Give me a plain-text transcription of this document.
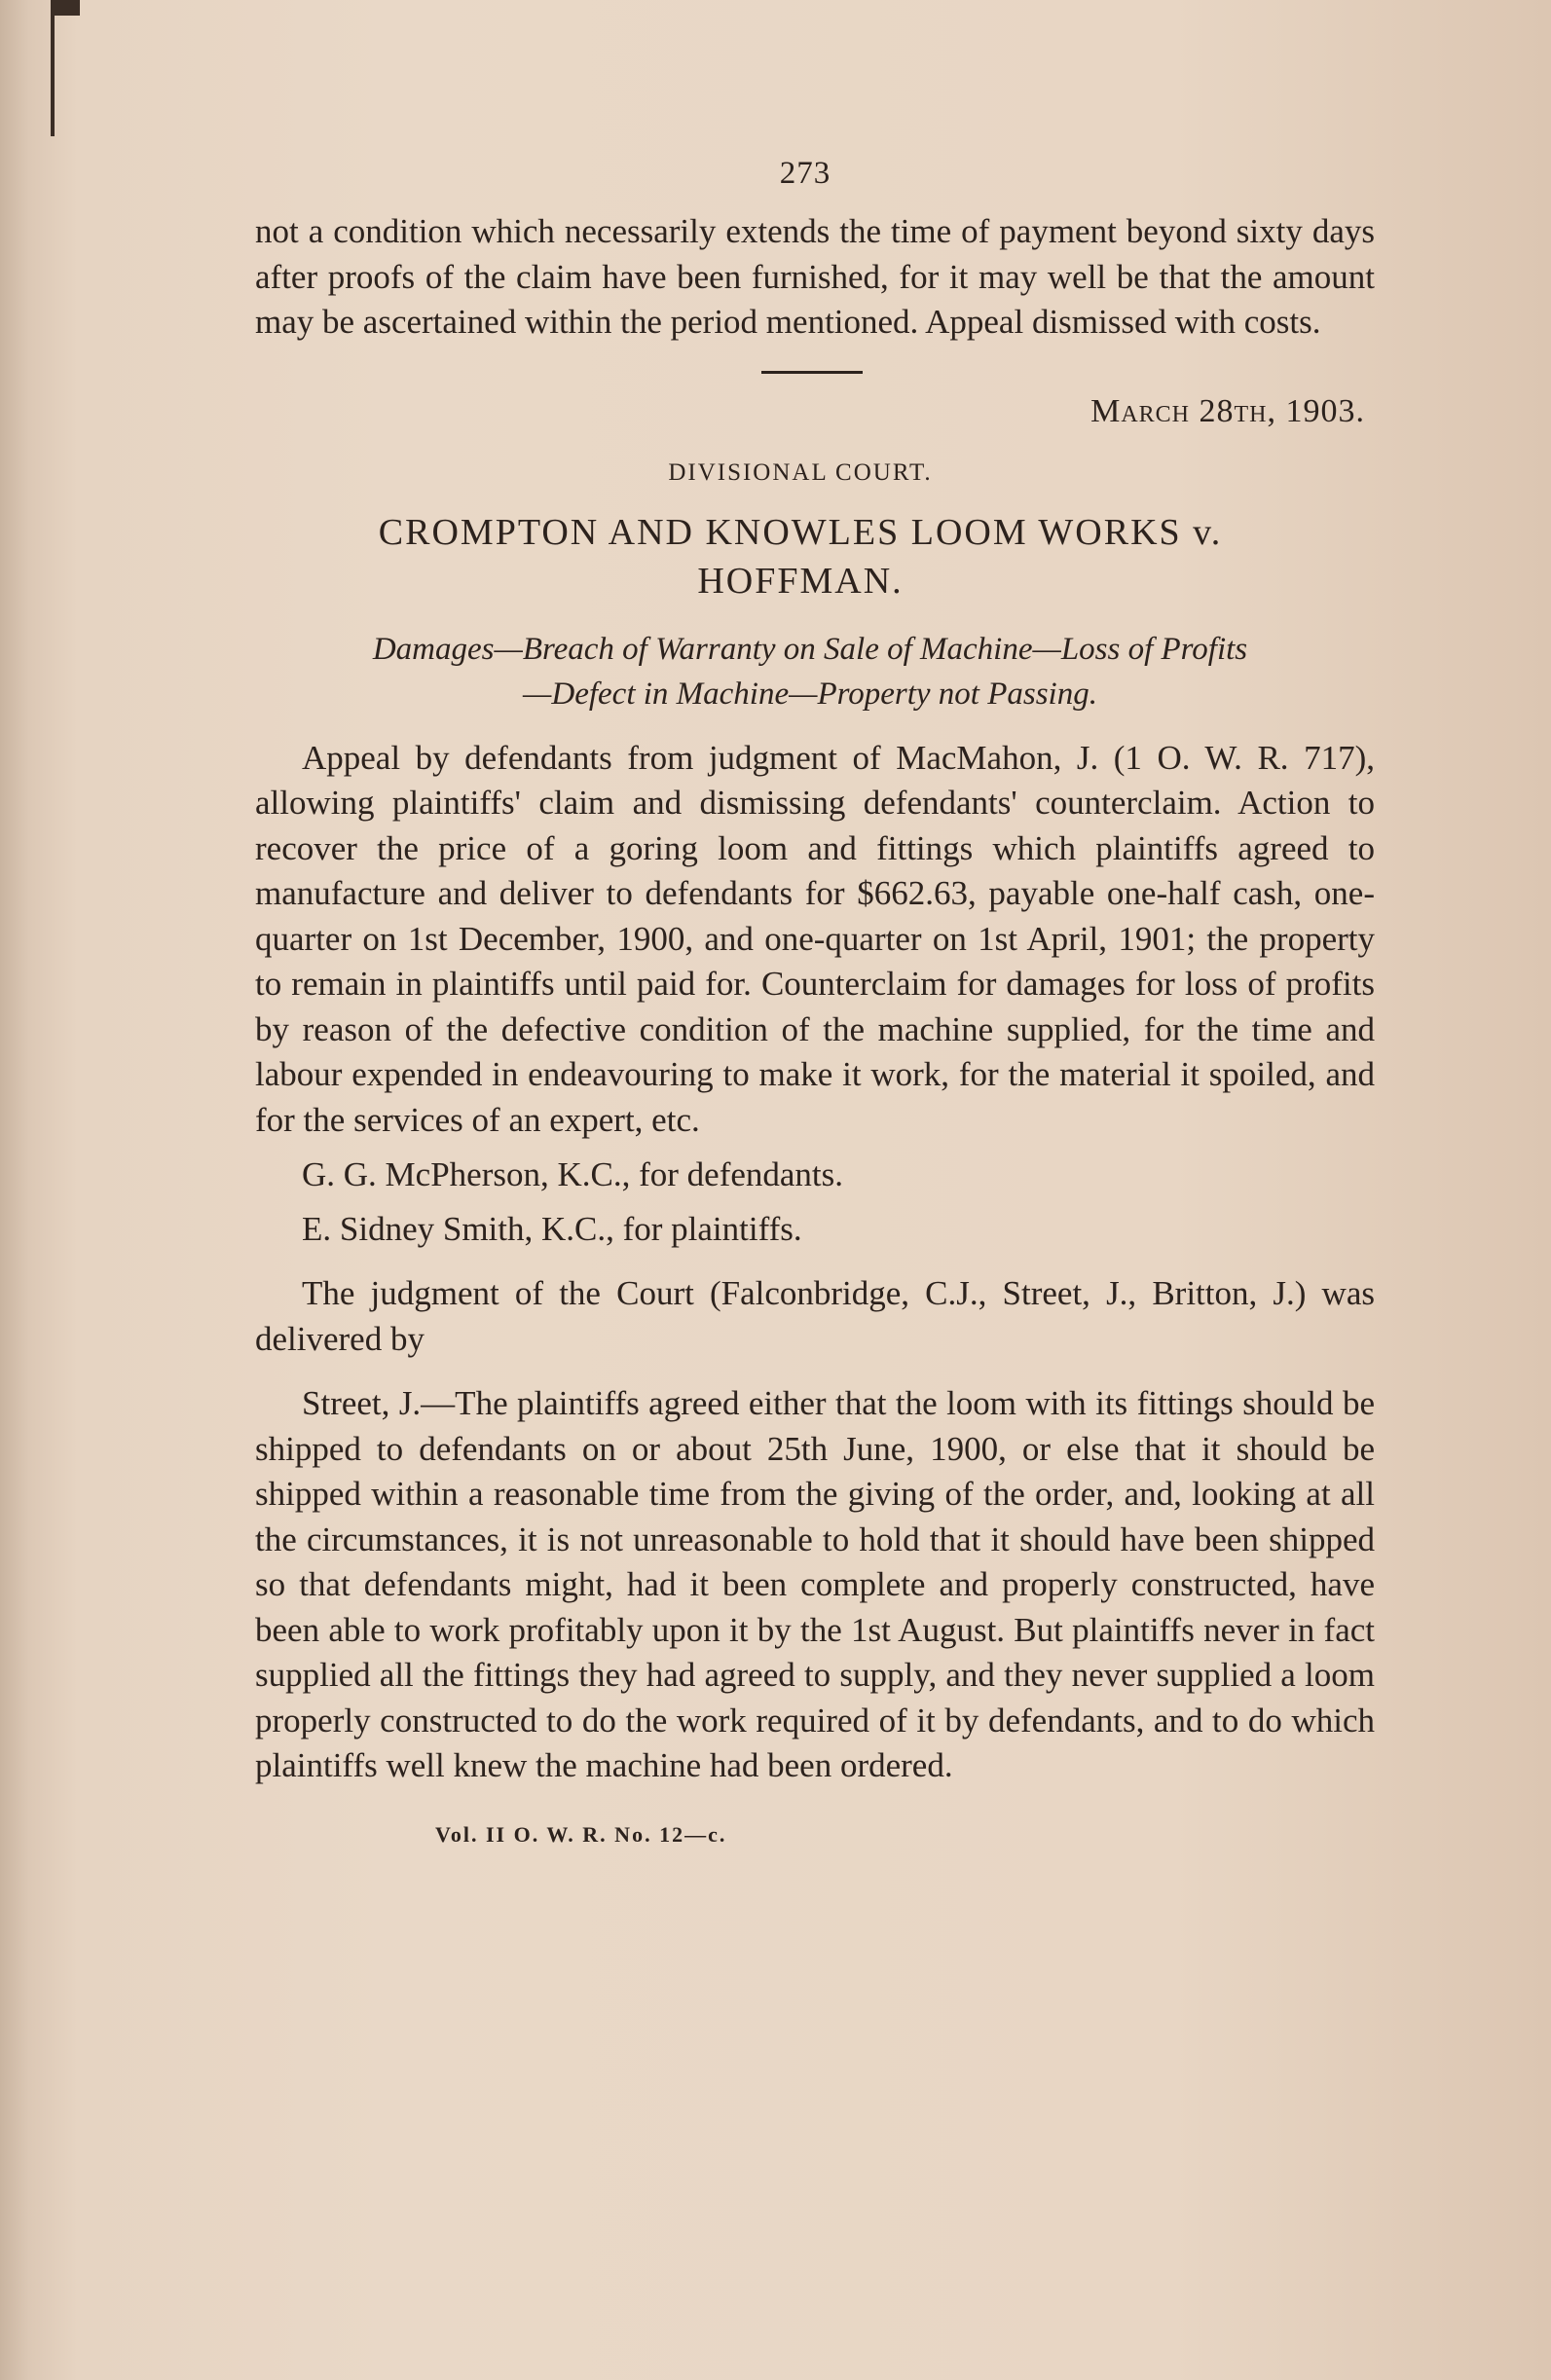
273

not a condition which necessarily extends the time of payment beyond sixty days after proofs of the claim have been furnished, for it may well be that the amount may be ascertained within the period mentioned. Appeal dismissed with costs.

March 28th, 1903.
DIVISIONAL COURT.
CROMPTON AND KNOWLES LOOM WORKS v.
HOFFMAN.
Damages—Breach of Warranty on Sale of Machine—Loss of Profits
—Defect in Machine—Property not Passing.

Appeal by defendants from judgment of MacMahon, J. (1 O. W. R. 717), allowing plaintiffs' claim and dismissing defendants' counterclaim. Action to recover the price of a goring loom and fittings which plaintiffs agreed to manufacture and deliver to defendants for $662.63, payable one-half cash, one-quarter on 1st December, 1900, and one-quarter on 1st April, 1901; the property to remain in plaintiffs until paid for. Counterclaim for damages for loss of profits by reason of the defective condition of the machine supplied, for the time and labour expended in endeavouring to make it work, for the material it spoiled, and for the services of an expert, etc.

G. G. McPherson, K.C., for defendants.

E. Sidney Smith, K.C., for plaintiffs.

The judgment of the Court (Falconbridge, C.J., Street, J., Britton, J.) was delivered by

Street, J.—The plaintiffs agreed either that the loom with its fittings should be shipped to defendants on or about 25th June, 1900, or else that it should be shipped within a reasonable time from the giving of the order, and, looking at all the circumstances, it is not unreasonable to hold that it should have been shipped so that defendants might, had it been complete and properly constructed, have been able to work profitably upon it by the 1st August. But plaintiffs never in fact supplied all the fittings they had agreed to supply, and they never supplied a loom properly constructed to do the work required of it by defendants, and to do which plaintiffs well knew the machine had been ordered.

Vol. II O. W. R. No. 12—c.
